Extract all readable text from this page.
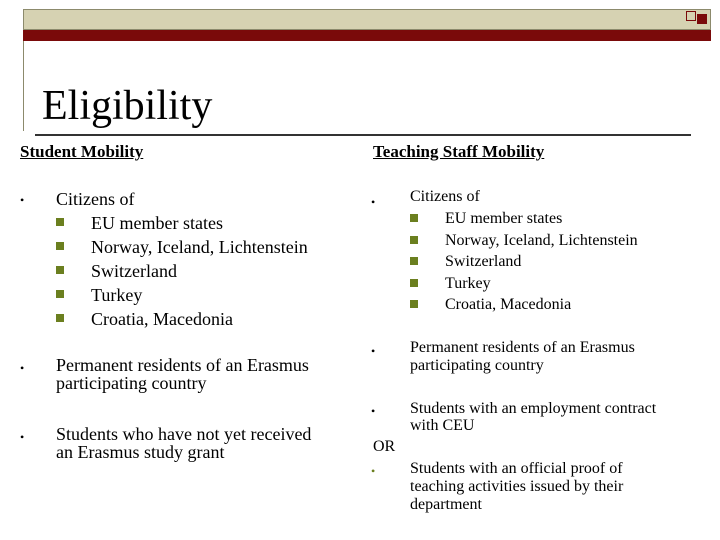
Eligibility
Student Mobility
• Citizens of
EU member states
Norway, Iceland, Lichtenstein
Switzerland
Turkey
Croatia, Macedonia
• Permanent residents of an Erasmus
participating country
• Students who have not yet received
an Erasmus study grant
Teaching Staff Mobility
• Citizens of
EU member states
Norway, Iceland, Lichtenstein
Switzerland
Turkey
Croatia, Macedonia
• Permanent residents of an Erasmus
participating country
• Students with an employment contract
with CEU
OR
• Students with an official proof of
teaching activities issued by their
department
